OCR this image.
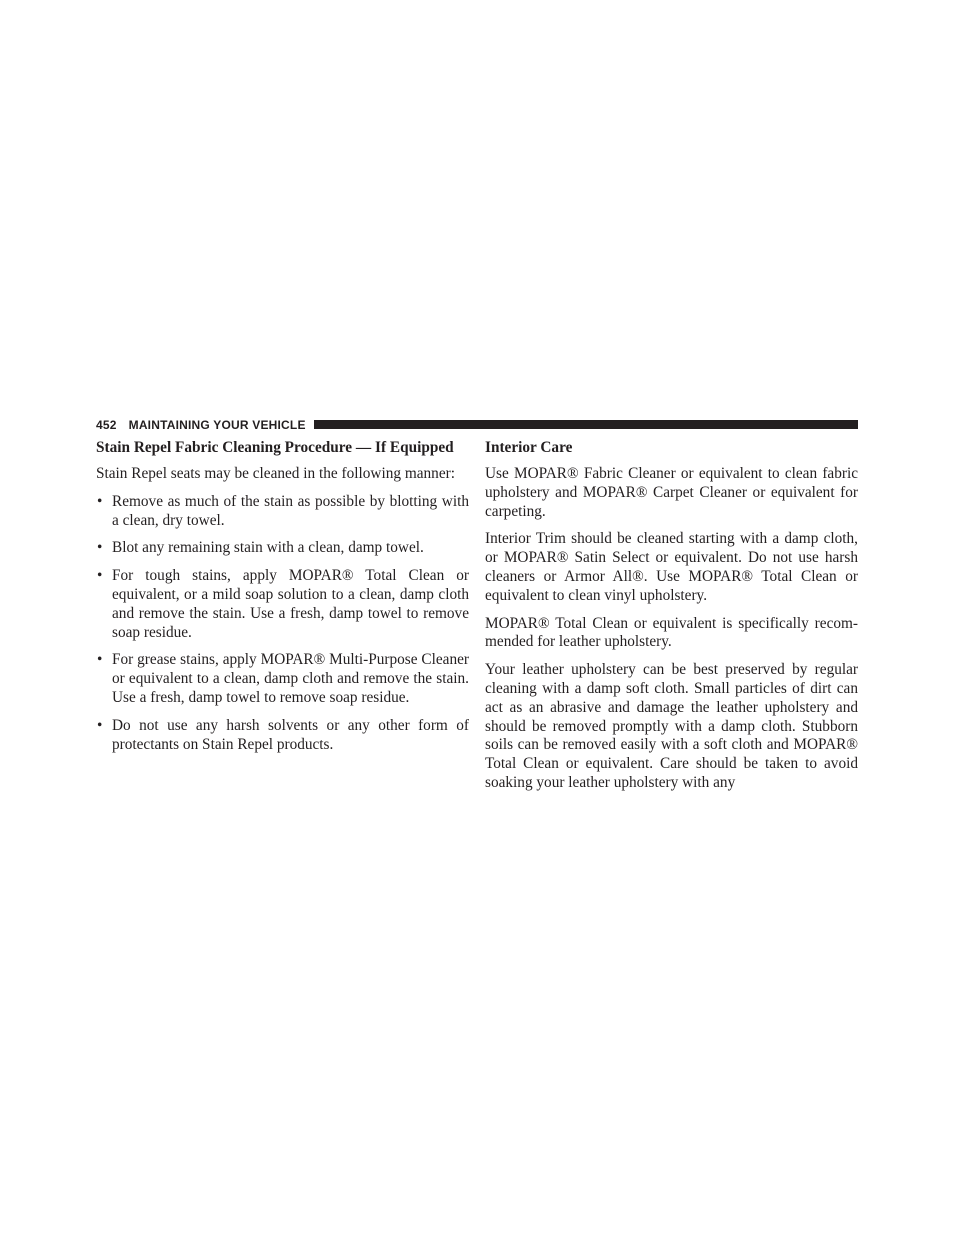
452 MAINTAINING YOUR VEHICLE
Stain Repel Fabric Cleaning Procedure — If Equipped

Stain Repel seats may be cleaned in the following manner:

• Remove as much of the stain as possible by blotting with a clean, dry towel.
• Blot any remaining stain with a clean, damp towel.
• For tough stains, apply MOPAR® Total Clean or equivalent, or a mild soap solution to a clean, damp cloth and remove the stain. Use a fresh, damp towel to remove soap residue.
• For grease stains, apply MOPAR® Multi-Purpose Cleaner or equivalent to a clean, damp cloth and remove the stain. Use a fresh, damp towel to remove soap residue.
• Do not use any harsh solvents or any other form of protectants on Stain Repel products.
Interior Care

Use MOPAR® Fabric Cleaner or equivalent to clean fabric upholstery and MOPAR® Carpet Cleaner or equivalent for carpeting.

Interior Trim should be cleaned starting with a damp cloth, or MOPAR® Satin Select or equivalent. Do not use harsh cleaners or Armor All®. Use MOPAR® Total Clean or equivalent to clean vinyl upholstery.

MOPAR® Total Clean or equivalent is specifically recom-mended for leather upholstery.

Your leather upholstery can be best preserved by regular cleaning with a damp soft cloth. Small particles of dirt can act as an abrasive and damage the leather upholstery and should be removed promptly with a damp cloth. Stubborn soils can be removed easily with a soft cloth and MOPAR® Total Clean or equivalent. Care should be taken to avoid soaking your leather upholstery with any
